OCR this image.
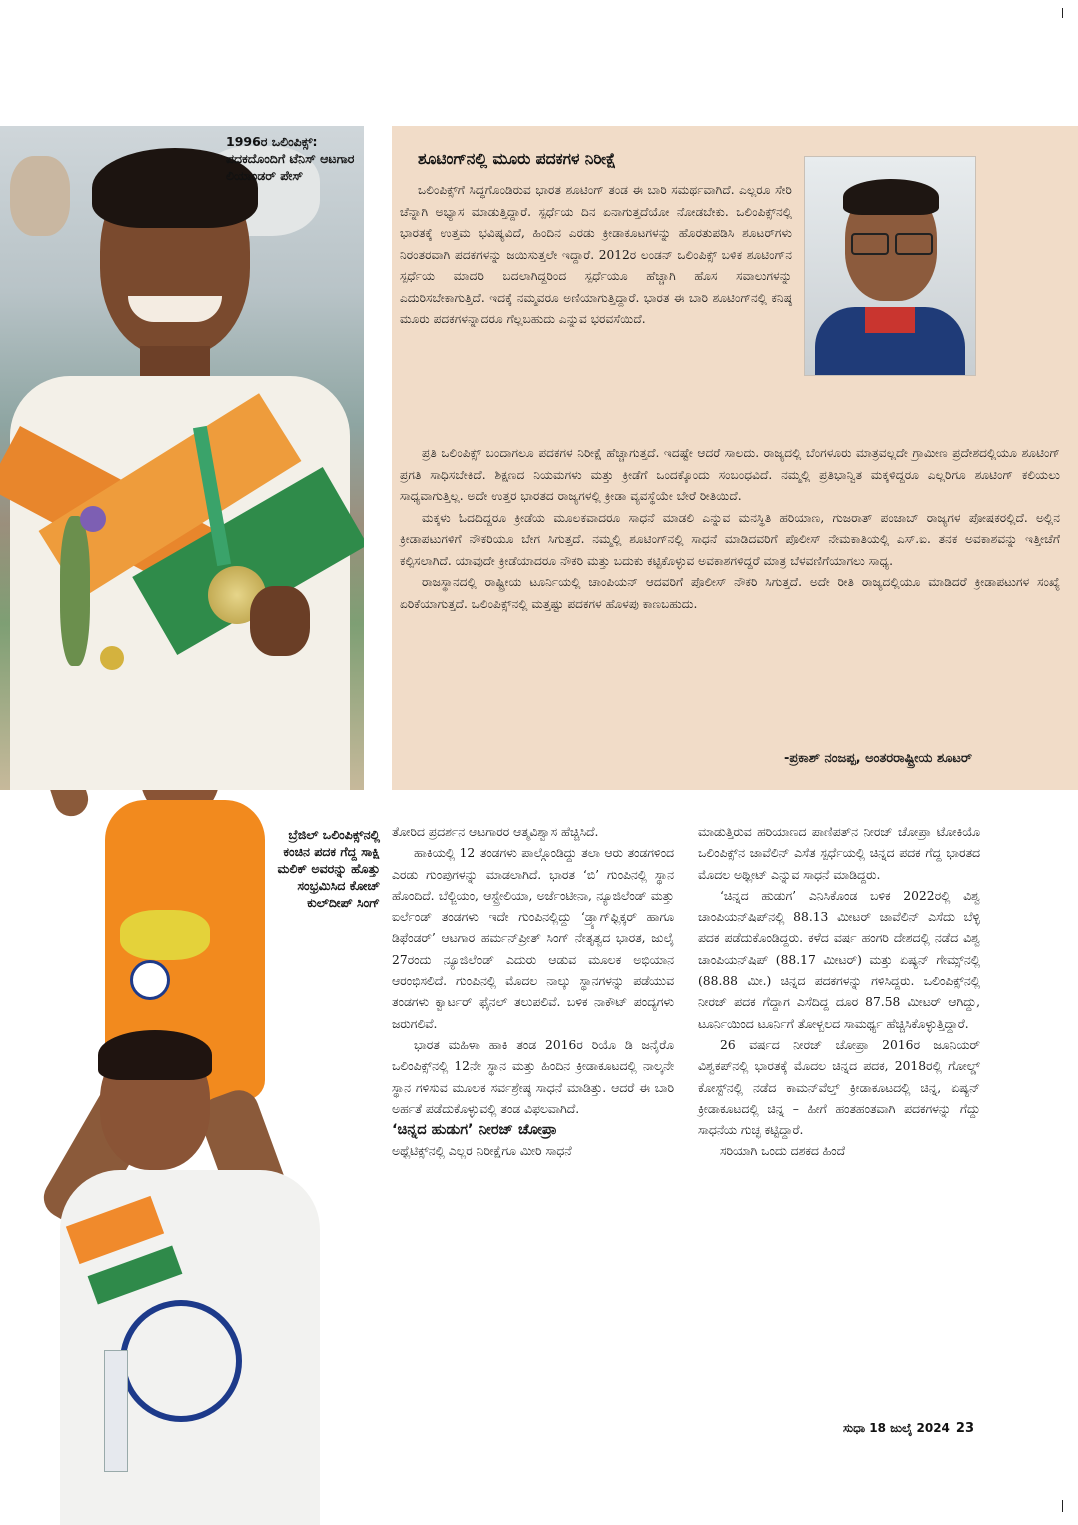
1996ರ ಒಲಿಂಪಿಕ್ಸ್‌: ಪದಕದೊಂದಿಗೆ ಟೆನಿಸ್ ಆಟಗಾರ ಲಿಯಾಂಡರ್ ಪೇಸ್
ಬ್ರೆಜಿಲ್ ಒಲಿಂಪಿಕ್ಸ್‌ನಲ್ಲಿ ಕಂಚಿನ ಪದಕ ಗೆದ್ದ ಸಾಕ್ಷಿ ಮಲಿಕ್ ಅವರನ್ನು ಹೊತ್ತು ಸಂಭ್ರಮಿಸಿದ ಕೋಚ್ ಕುಲ್‌ದೀಪ್ ಸಿಂಗ್
ಶೂಟಿಂಗ್‌ನಲ್ಲಿ ಮೂರು ಪದಕಗಳ ನಿರೀಕ್ಷೆ

ಒಲಿಂಪಿಕ್ಸ್‌ಗೆ ಸಿದ್ಧಗೊಂಡಿರುವ ಭಾರತ ಶೂಟಿಂಗ್ ತಂಡ ಈ ಬಾರಿ ಸಮರ್ಥವಾಗಿದೆ. ಎಲ್ಲರೂ ಸೇರಿ ಚೆನ್ನಾಗಿ ಅಭ್ಯಾಸ ಮಾಡುತ್ತಿದ್ದಾರೆ. ಸ್ಪರ್ಧೆಯ ದಿನ ಏನಾಗುತ್ತದೆಯೋ ನೋಡಬೇಕು. ಒಲಿಂಪಿಕ್ಸ್‌ನಲ್ಲಿ ಭಾರತಕ್ಕೆ ಉತ್ತಮ ಭವಿಷ್ಯವಿದೆ, ಹಿಂದಿನ ಎರಡು ಕ್ರೀಡಾಕೂಟಗಳನ್ನು ಹೊರತುಪಡಿಸಿ ಶೂಟರ್‌ಗಳು ನಿರಂತರವಾಗಿ ಪದಕಗಳನ್ನು ಜಯಿಸುತ್ತಲೇ ಇದ್ದಾರೆ. 2012ರ ಲಂಡನ್ ಒಲಿಂಪಿಕ್ಸ್ ಬಳಿಕ ಶೂಟಿಂಗ್‌ನ ಸ್ಪರ್ಧೆಯ ಮಾದರಿ ಬದಲಾಗಿದ್ದರಿಂದ ಸ್ಪರ್ಧೆಯೂ ಹೆಚ್ಚಾಗಿ ಹೊಸ ಸವಾಲುಗಳನ್ನು ಎದುರಿಸಬೇಕಾಗುತ್ತಿದೆ. ಇದಕ್ಕೆ ನಮ್ಮವರೂ ಅಣಿಯಾಗುತ್ತಿದ್ದಾರೆ. ಭಾರತ ಈ ಬಾರಿ ಶೂಟಿಂಗ್‌ನಲ್ಲಿ ಕನಿಷ್ಠ ಮೂರು ಪದಕಗಳನ್ನಾದರೂ ಗೆಲ್ಲಬಹುದು ಎನ್ನುವ ಭರವಸೆಯಿದೆ.

ಪ್ರತಿ ಒಲಿಂಪಿಕ್ಸ್ ಬಂದಾಗಲೂ ಪದಕಗಳ ನಿರೀಕ್ಷೆ ಹೆಚ್ಚಾಗುತ್ತದೆ. ಇದಷ್ಟೇ ಆದರೆ ಸಾಲದು. ರಾಜ್ಯದಲ್ಲಿ ಬೆಂಗಳೂರು ಮಾತ್ರವಲ್ಲದೇ ಗ್ರಾಮೀಣ ಪ್ರದೇಶದಲ್ಲಿಯೂ ಶೂಟಿಂಗ್ ಪ್ರಗತಿ ಸಾಧಿಸಬೇಕಿದೆ. ಶಿಕ್ಷಣದ ನಿಯಮಗಳು ಮತ್ತು ಕ್ರೀಡೆಗೆ ಒಂದಕ್ಕೊಂದು ಸಂಬಂಧವಿದೆ. ನಮ್ಮಲ್ಲಿ ಪ್ರತಿಭಾನ್ವಿತ ಮಕ್ಕಳಿದ್ದರೂ ಎಲ್ಲರಿಗೂ ಶೂಟಿಂಗ್ ಕಲಿಯಲು ಸಾಧ್ಯವಾಗುತ್ತಿಲ್ಲ. ಅದೇ ಉತ್ತರ ಭಾರತದ ರಾಜ್ಯಗಳಲ್ಲಿ ಕ್ರೀಡಾ ವ್ಯವಸ್ಥೆಯೇ ಬೇರೆ ರೀತಿಯಿದೆ.

ಮಕ್ಕಳು ಓದದಿದ್ದರೂ ಕ್ರೀಡೆಯ ಮೂಲಕವಾದರೂ ಸಾಧನೆ ಮಾಡಲಿ ಎನ್ನುವ ಮನಸ್ಥಿತಿ ಹರಿಯಾಣ, ಗುಜರಾತ್ ಪಂಜಾಬ್ ರಾಜ್ಯಗಳ ಪೋಷಕರಲ್ಲಿದೆ. ಅಲ್ಲಿನ ಕ್ರೀಡಾಪಟುಗಳಿಗೆ ನೌಕರಿಯೂ ಬೇಗ ಸಿಗುತ್ತದೆ. ನಮ್ಮಲ್ಲಿ ಶೂಟಿಂಗ್‌ನಲ್ಲಿ ಸಾಧನೆ ಮಾಡಿದವರಿಗೆ ಪೊಲೀಸ್ ನೇಮಕಾತಿಯಲ್ಲಿ ಎಸ್‌.ಐ. ತನಕ ಅವಕಾಶವನ್ನು ಇತ್ತೀಚೆಗೆ ಕಲ್ಪಿಸಲಾಗಿದೆ. ಯಾವುದೇ ಕ್ರೀಡೆಯಾದರೂ ನೌಕರಿ ಮತ್ತು ಬದುಕು ಕಟ್ಟಿಕೊಳ್ಳುವ ಅವಕಾಶಗಳಿದ್ದರೆ ಮಾತ್ರ ಬೆಳವಣಿಗೆಯಾಗಲು ಸಾಧ್ಯ.

ರಾಜಸ್ಥಾನದಲ್ಲಿ ರಾಷ್ಟ್ರೀಯ ಟೂರ್ನಿಯಲ್ಲಿ ಚಾಂಪಿಯನ್ ಆದವರಿಗೆ ಪೊಲೀಸ್ ನೌಕರಿ ಸಿಗುತ್ತದೆ. ಅದೇ ರೀತಿ ರಾಜ್ಯದಲ್ಲಿಯೂ ಮಾಡಿದರೆ ಕ್ರೀಡಾಪಟುಗಳ ಸಂಖ್ಯೆ ಏರಿಕೆಯಾಗುತ್ತದೆ. ಒಲಿಂಪಿಕ್ಸ್‌ನಲ್ಲಿ ಮತ್ತಷ್ಟು ಪದಕಗಳ ಹೊಳಪು ಕಾಣಬಹುದು.

-ಪ್ರಕಾಶ್ ನಂಜಪ್ಪ, ಅಂತರರಾಷ್ಟ್ರೀಯ ಶೂಟರ್

ತೋರಿದ ಪ್ರದರ್ಶನ ಆಟಗಾರರ ಆತ್ಮವಿಶ್ವಾಸ ಹೆಚ್ಚಿಸಿದೆ.

ಹಾಕಿಯಲ್ಲಿ 12 ತಂಡಗಳು ಪಾಲ್ಗೊಂಡಿದ್ದು ತಲಾ ಆರು ತಂಡಗಳಿಂದ ಎರಡು ಗುಂಪುಗಳನ್ನು ಮಾಡಲಾಗಿದೆ. ಭಾರತ ‘ಬಿ’ ಗುಂಪಿನಲ್ಲಿ ಸ್ಥಾನ ಹೊಂದಿದೆ. ಬೆಲ್ಜಿಯಂ, ಆಸ್ಟ್ರೇಲಿಯಾ, ಅರ್ಜೆಂಟೀನಾ, ನ್ಯೂಜಿಲೆಂಡ್ ಮತ್ತು ಐರ್ಲೆಂಡ್ ತಂಡಗಳು ಇದೇ ಗುಂಪಿನಲ್ಲಿದ್ದು ‘ಡ್ರ್ಯಾಗ್‌ಫ್ಲಿಕ್ಕರ್ ಹಾಗೂ ಡಿಫೆಂಡರ್’ ಆಟಗಾರ ಹರ್ಮನ್‌ಪ್ರೀತ್ ಸಿಂಗ್ ನೇತೃತ್ವದ ಭಾರತ, ಜುಲೈ 27ರಂದು ನ್ಯೂಜಿಲೆಂಡ್ ಎದುರು ಆಡುವ ಮೂಲಕ ಅಭಿಯಾನ ಆರಂಭಿಸಲಿದೆ. ಗುಂಪಿನಲ್ಲಿ ಮೊದಲ ನಾಲ್ಕು ಸ್ಥಾನಗಳನ್ನು ಪಡೆಯುವ ತಂಡಗಳು ಕ್ವಾರ್ಟರ್ ಫೈನಲ್ ತಲುಪಲಿವೆ. ಬಳಿಕ ನಾಕೌಟ್ ಪಂದ್ಯಗಳು ಜರುಗಲಿವೆ.

ಭಾರತ ಮಹಿಳಾ ಹಾಕಿ ತಂಡ 2016ರ ರಿಯೊ ಡಿ ಜನೈರೊ ಒಲಿಂಪಿಕ್ಸ್‌ನಲ್ಲಿ 12ನೇ ಸ್ಥಾನ ಮತ್ತು ಹಿಂದಿನ ಕ್ರೀಡಾಕೂಟದಲ್ಲಿ ನಾಲ್ಕನೇ ಸ್ಥಾನ ಗಳಿಸುವ ಮೂಲಕ ಸರ್ವಶ್ರೇಷ್ಠ ಸಾಧನೆ ಮಾಡಿತ್ತು. ಆದರೆ ಈ ಬಾರಿ ಅರ್ಹತೆ ಪಡೆದುಕೊಳ್ಳುವಲ್ಲಿ ತಂಡ ವಿಫಲವಾಗಿದೆ.

‘ಚಿನ್ನದ ಹುಡುಗ’ ನೀರಜ್ ಚೋಪ್ರಾ

ಅಥ್ಲೆಟಿಕ್ಸ್‌ನಲ್ಲಿ ಎಲ್ಲರ ನಿರೀಕ್ಷೆಗೂ ಮೀರಿ ಸಾಧನೆ

ಮಾಡುತ್ತಿರುವ ಹರಿಯಾಣದ ಪಾಣಿಪತ್‌ನ ನೀರಜ್ ಚೋಪ್ರಾ ಟೋಕಿಯೊ ಒಲಿಂಪಿಕ್ಸ್‌ನ ಜಾವೆಲಿನ್ ಎಸೆತ ಸ್ಪರ್ಧೆಯಲ್ಲಿ ಚಿನ್ನದ ಪದಕ ಗೆದ್ದ ಭಾರತದ ಮೊದಲ ಅಥ್ಲೀಟ್ ಎನ್ನುವ ಸಾಧನೆ ಮಾಡಿದ್ದರು.

‘ಚಿನ್ನದ ಹುಡುಗ’ ಎನಿಸಿಕೊಂಡ ಬಳಿಕ 2022ರಲ್ಲಿ ವಿಶ್ವ ಚಾಂಪಿಯನ್‌ಷಿಪ್‌ನಲ್ಲಿ 88.13 ಮೀಟರ್ ಜಾವೆಲಿನ್ ಎಸೆದು ಬೆಳ್ಳಿ ಪದಕ ಪಡೆದುಕೊಂಡಿದ್ದರು. ಕಳೆದ ವರ್ಷ ಹಂಗರಿ ದೇಶದಲ್ಲಿ ನಡೆದ ವಿಶ್ವ ಚಾಂಪಿಯನ್‌ಷಿಪ್ (88.17 ಮೀಟರ್) ಮತ್ತು ಏಷ್ಯನ್ ಗೇಮ್ಸ್‌ನಲ್ಲಿ (88.88 ಮೀ.) ಚಿನ್ನದ ಪದಕಗಳನ್ನು ಗಳಿಸಿದ್ದರು. ಒಲಿಂಪಿಕ್ಸ್‌ನಲ್ಲಿ ನೀರಜ್ ಪದಕ ಗೆದ್ದಾಗ ಎಸೆದಿದ್ದ ದೂರ 87.58 ಮೀಟರ್ ಆಗಿದ್ದು, ಟೂರ್ನಿಯಿಂದ ಟೂರ್ನಿಗೆ ತೋಳ್ಬಲದ ಸಾಮರ್ಥ್ಯ ಹೆಚ್ಚಿಸಿಕೊಳ್ಳುತ್ತಿದ್ದಾರೆ.

26 ವರ್ಷದ ನೀರಜ್ ಚೋಪ್ರಾ 2016ರ ಜೂನಿಯರ್ ವಿಶ್ವಕಪ್‌ನಲ್ಲಿ ಭಾರತಕ್ಕೆ ಮೊದಲ ಚಿನ್ನದ ಪದಕ, 2018ರಲ್ಲಿ ಗೋಲ್ಡ್ ಕೋಸ್ಟ್‌ನಲ್ಲಿ ನಡೆದ ಕಾಮನ್‌ವೆಲ್ತ್ ಕ್ರೀಡಾಕೂಟದಲ್ಲಿ ಚಿನ್ನ, ಏಷ್ಯನ್ ಕ್ರೀಡಾಕೂಟದಲ್ಲಿ ಚಿನ್ನ – ಹೀಗೆ ಹಂತಹಂತವಾಗಿ ಪದಕಗಳನ್ನು ಗೆದ್ದು ಸಾಧನೆಯ ಗುಚ್ಛ ಕಟ್ಟಿದ್ದಾರೆ.

ಸರಿಯಾಗಿ ಒಂದು ದಶಕದ ಹಿಂದೆ

ಸುಧಾ 18 ಜುಲೈ 2024 23
